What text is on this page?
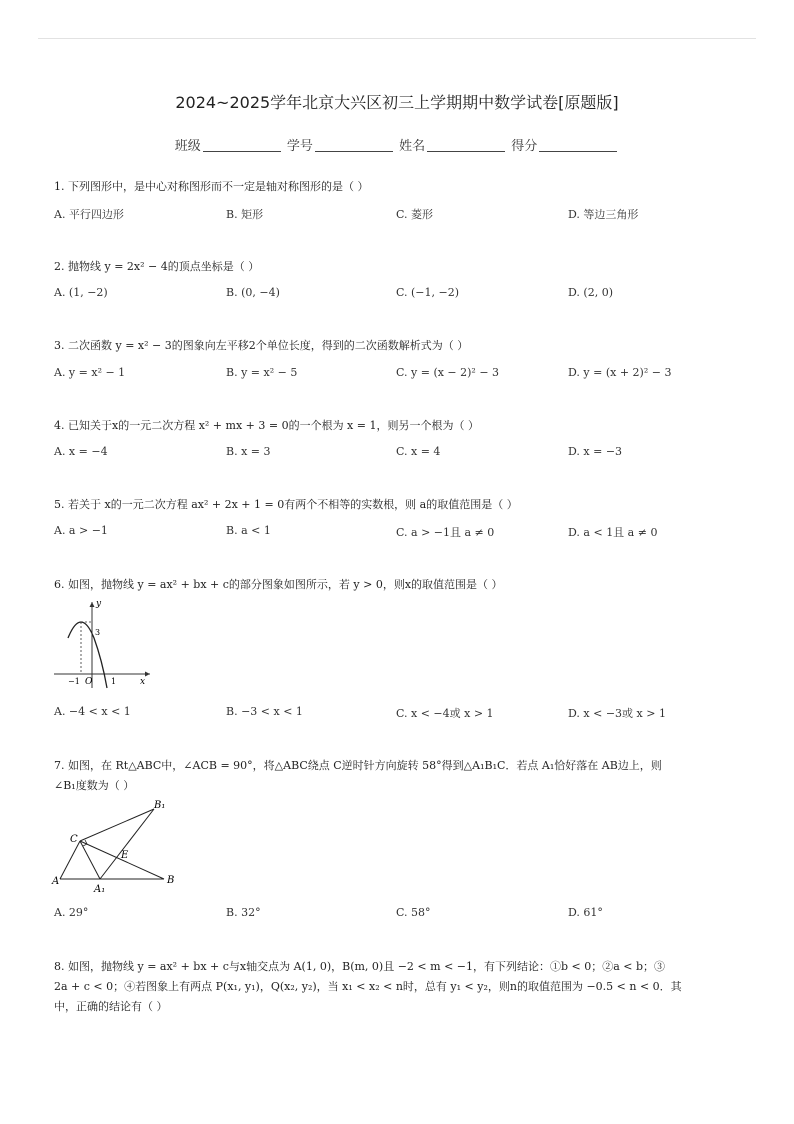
2024~2025学年北京大兴区初三上学期期中数学试卷[原题版]
班级	学号	姓名	得分
1. 下列图形中，是中心对称图形而不一定是轴对称图形的是（ ）
A. 平行四边形	B. 矩形	C. 菱形	D. 等边三角形
2. 抛物线 y = 2x² − 4的顶点坐标是（ ）
A. (1, −2)	B. (0, −4)	C. (−1, −2)	D. (2, 0)
3. 二次函数 y = x² − 3的图象向左平移2个单位长度，得到的二次函数解析式为（ ）
A. y = x² − 1	B. y = x² − 5	C. y = (x − 2)² − 3	D. y = (x + 2)² − 3
4. 已知关于x的一元二次方程 x² + mx + 3 = 0的一个根为 x = 1，则另一个根为（ ）
A. x = −4	B. x = 3	C. x = 4	D. x = −3
5. 若关于 x的一元二次方程 ax² + 2x + 1 = 0有两个不相等的实数根，则 a的取值范围是（ ）
A. a > −1	B. a < 1	C. a > −1且 a ≠ 0	D. a < 1且 a ≠ 0
6. 如图，抛物线 y = ax² + bx + c的部分图象如图所示，若 y > 0，则x的取值范围是（ ）
y
x
3
−1 O 1
A. −4 < x < 1	B. −3 < x < 1	C. x < −4或 x > 1	D. x < −3或 x > 1
7. 如图，在 Rt△ABC中，∠ACB = 90°，将△ABC绕点 C逆时针方向旋转 58°得到△A₁B₁C．若点 A₁恰好落在 AB边上，则
∠B₁度数为（ ）
B₁
C
E
A
A₁
B
A. 29°	B. 32°	C. 58°	D. 61°
8. 如图，抛物线 y = ax² + bx + c与x轴交点为 A(1, 0)，B(m, 0)且 −2 < m < −1，有下列结论：①b < 0；②a < b；③
2a + c < 0；④若图象上有两点 P(x₁, y₁)，Q(x₂, y₂)，当 x₁ < x₂ < n时，总有 y₁ < y₂，则n的取值范围为 −0.5 < n < 0．其
中，正确的结论有（ ）
